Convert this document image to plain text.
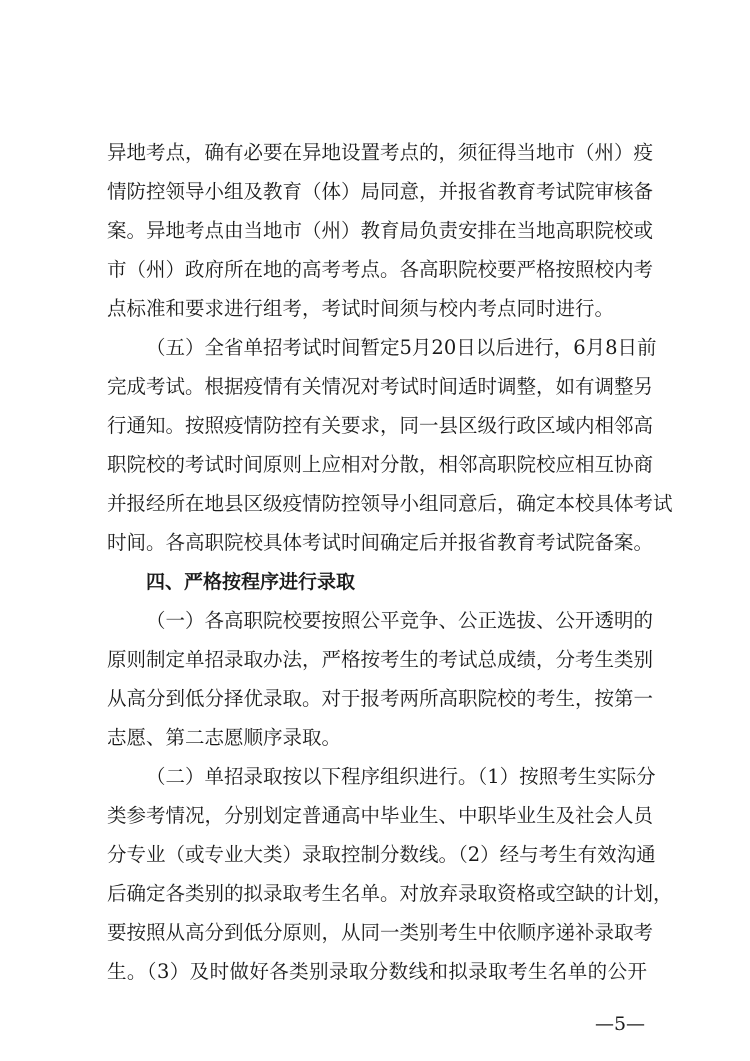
异地考点，确有必要在异地设置考点的，须征得当地市（州）疫
情防控领导小组及教育（体）局同意，并报省教育考试院审核备
案。异地考点由当地市（州）教育局负责安排在当地高职院校或
市（州）政府所在地的高考考点。各高职院校要严格按照校内考
点标准和要求进行组考，考试时间须与校内考点同时进行。
（五）全省单招考试时间暂定5月20日以后进行，6月8日前
完成考试。根据疫情有关情况对考试时间适时调整，如有调整另
行通知。按照疫情防控有关要求，同一县区级行政区域内相邻高
职院校的考试时间原则上应相对分散，相邻高职院校应相互协商
并报经所在地县区级疫情防控领导小组同意后，确定本校具体考试
时间。各高职院校具体考试时间确定后并报省教育考试院备案。
四、严格按程序进行录取
（一）各高职院校要按照公平竞争、公正选拔、公开透明的
原则制定单招录取办法，严格按考生的考试总成绩，分考生类别
从高分到低分择优录取。对于报考两所高职院校的考生，按第一
志愿、第二志愿顺序录取。
（二）单招录取按以下程序组织进行。（1）按照考生实际分
类参考情况，分别划定普通高中毕业生、中职毕业生及社会人员
分专业（或专业大类）录取控制分数线。（2）经与考生有效沟通
后确定各类别的拟录取考生名单。对放弃录取资格或空缺的计划，
要按照从高分到低分原则，从同一类别考生中依顺序递补录取考
生。（3）及时做好各类别录取分数线和拟录取考生名单的公开
—5—
